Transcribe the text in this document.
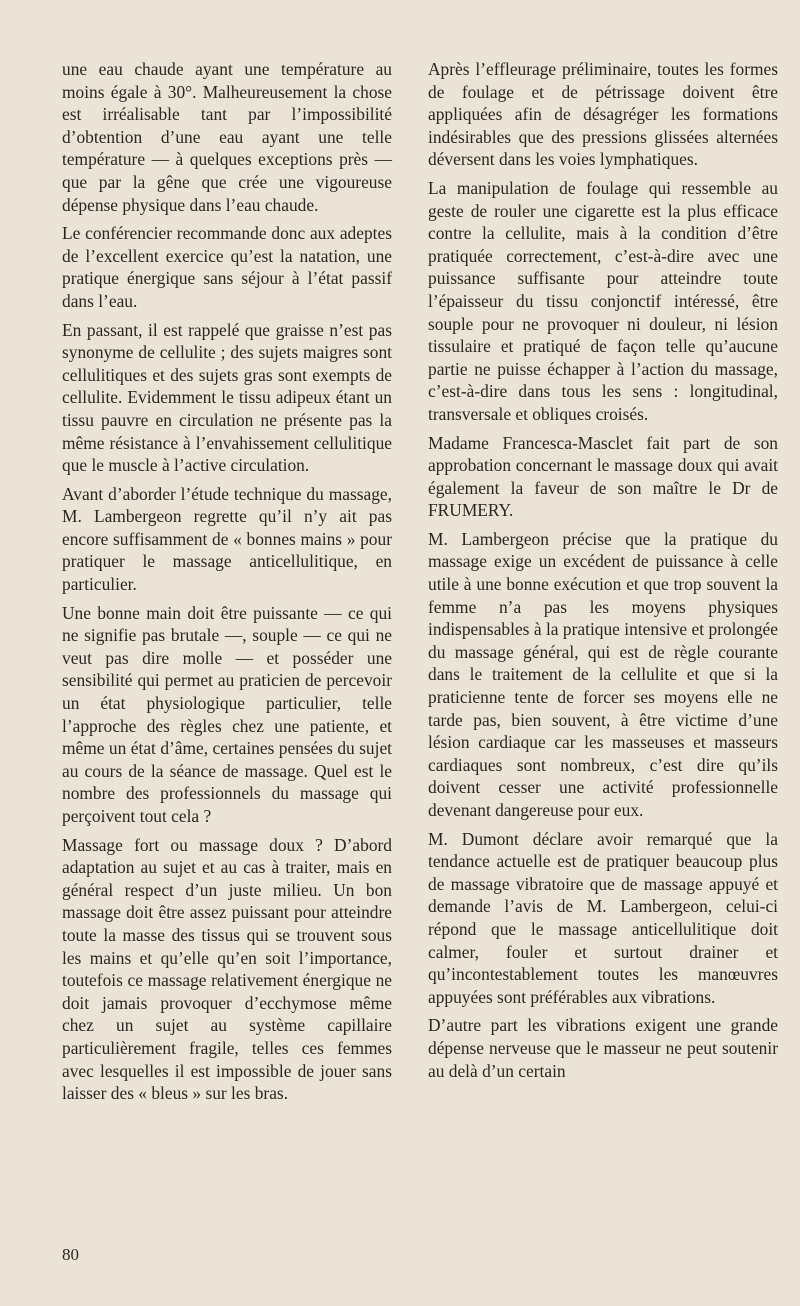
une eau chaude ayant une température au moins égale à 30°. Malheureusement la chose est irréalisable tant par l’impossibilité d’obtention d’une eau ayant une telle température — à quelques exceptions près — que par la gêne que crée une vigoureuse dépense physique dans l’eau chaude.

Le conférencier recommande donc aux adeptes de l’excellent exercice qu’est la natation, une pratique énergique sans séjour à l’état passif dans l’eau.

En passant, il est rappelé que graisse n’est pas synonyme de cellulite ; des sujets maigres sont cellulitiques et des sujets gras sont exempts de cellulite. Evidemment le tissu adipeux étant un tissu pauvre en circulation ne présente pas la même résistance à l’envahissement cellulitique que le muscle à l’active circulation.

Avant d’aborder l’étude technique du massage, M. Lambergeon regrette qu’il n’y ait pas encore suffisamment de « bonnes mains » pour pratiquer le massage anticellulitique, en particulier.

Une bonne main doit être puissante — ce qui ne signifie pas brutale —, souple — ce qui ne veut pas dire molle — et posséder une sensibilité qui permet au praticien de percevoir un état physiologique particulier, telle l’approche des règles chez une patiente, et même un état d’âme, certaines pensées du sujet au cours de la séance de massage. Quel est le nombre des professionnels du massage qui perçoivent tout cela ?

Massage fort ou massage doux ? D’abord adaptation au sujet et au cas à traiter, mais en général respect d’un juste milieu. Un bon massage doit être assez puissant pour atteindre toute la masse des tissus qui se trouvent sous les mains et qu’elle qu’en soit l’importance, toutefois ce massage relativement énergique ne doit jamais provoquer d’ecchymose même chez un sujet au système capillaire particulièrement fragile, telles ces femmes avec lesquelles il est impossible de jouer sans laisser des « bleus » sur les bras.

Après l’effleurage préliminaire, toutes les formes de foulage et de pétrissage doivent être appliquées afin de désagréger les formations indésirables que des pressions glissées alternées déversent dans les voies lymphatiques.

La manipulation de foulage qui ressemble au geste de rouler une cigarette est la plus efficace contre la cellulite, mais à la condition d’être pratiquée correctement, c’est-à-dire avec une puissance suffisante pour atteindre toute l’épaisseur du tissu conjonctif intéressé, être souple pour ne provoquer ni douleur, ni lésion tissulaire et pratiqué de façon telle qu’aucune partie ne puisse échapper à l’action du massage, c’est-à-dire dans tous les sens : longitudinal, transversale et obliques croisés.

Madame Francesca-Masclet fait part de son approbation concernant le massage doux qui avait également la faveur de son maître le Dr de FRUMERY.

M. Lambergeon précise que la pratique du massage exige un excédent de puissance à celle utile à une bonne exécution et que trop souvent la femme n’a pas les moyens physiques indispensables à la pratique intensive et prolongée du massage général, qui est de règle courante dans le traitement de la cellulite et que si la praticienne tente de forcer ses moyens elle ne tarde pas, bien souvent, à être victime d’une lésion cardiaque car les masseuses et masseurs cardiaques sont nombreux, c’est dire qu’ils doivent cesser une activité professionnelle devenant dangereuse pour eux.

M. Dumont déclare avoir remarqué que la tendance actuelle est de pratiquer beaucoup plus de massage vibratoire que de massage appuyé et demande l’avis de M. Lambergeon, celui-ci répond que le massage anticellulitique doit calmer, fouler et surtout drainer et qu’incontestablement toutes les manœuvres appuyées sont préférables aux vibrations.

D’autre part les vibrations exigent une grande dépense nerveuse que le masseur ne peut soutenir au delà d’un certain

80
